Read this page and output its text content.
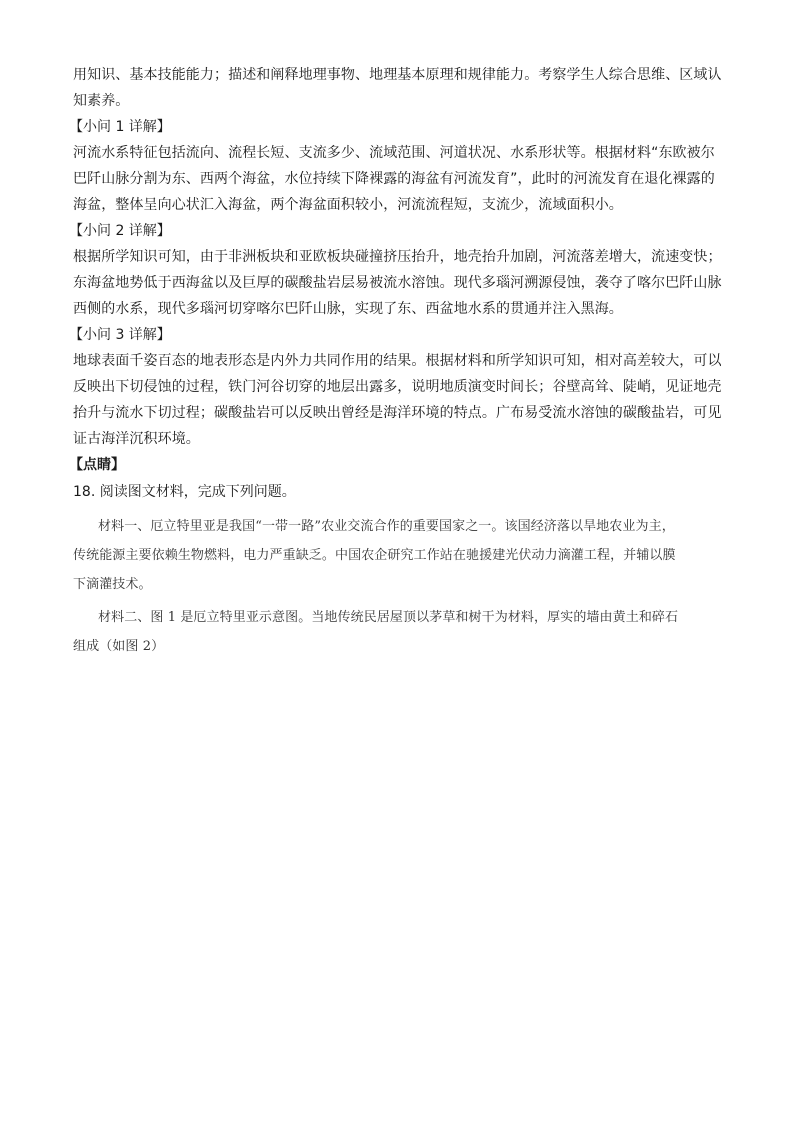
用知识、基本技能能力；描述和阐释地理事物、地理基本原理和规律能力。考察学生人综合思维、区域认
知素养。
【小问 1 详解】
河流水系特征包括流向、流程长短、支流多少、流域范围、河道状况、水系形状等。根据材料“东欧被尔
巴阡山脉分割为东、西两个海盆，水位持续下降裸露的海盆有河流发育”，此时的河流发育在退化裸露的
海盆，整体呈向心状汇入海盆，两个海盆面积较小，河流流程短，支流少，流域面积小。
【小问 2 详解】
根据所学知识可知，由于非洲板块和亚欧板块碰撞挤压抬升，地壳抬升加剧，河流落差增大，流速变快；
东海盆地势低于西海盆以及巨厚的碳酸盐岩层易被流水溶蚀。现代多瑙河溯源侵蚀，袭夺了喀尔巴阡山脉
西侧的水系，现代多瑙河切穿喀尔巴阡山脉，实现了东、西盆地水系的贯通并注入黑海。
【小问 3 详解】
地球表面千姿百态的地表形态是内外力共同作用的结果。根据材料和所学知识可知，相对高差较大，可以
反映出下切侵蚀的过程，铁门河谷切穿的地层出露多，说明地质演变时间长；谷壁高耸、陡峭，见证地壳
抬升与流水下切过程；碳酸盐岩可以反映出曾经是海洋环境的特点。广布易受流水溶蚀的碳酸盐岩，可见
证古海洋沉积环境。
【点睛】
18. 阅读图文材料，完成下列问题。
材料一、厄立特里亚是我国“一带一路”农业交流合作的重要国家之一。该国经济落以旱地农业为主，
传统能源主要依赖生物燃料，电力严重缺乏。中国农企研究工作站在驰援建光伏动力滴灌工程，并辅以膜
下滴灌技术。
材料二、图 1 是厄立特里亚示意图。当地传统民居屋顶以茅草和树干为材料，厚实的墙由黄土和碎石
组成（如图 2）
